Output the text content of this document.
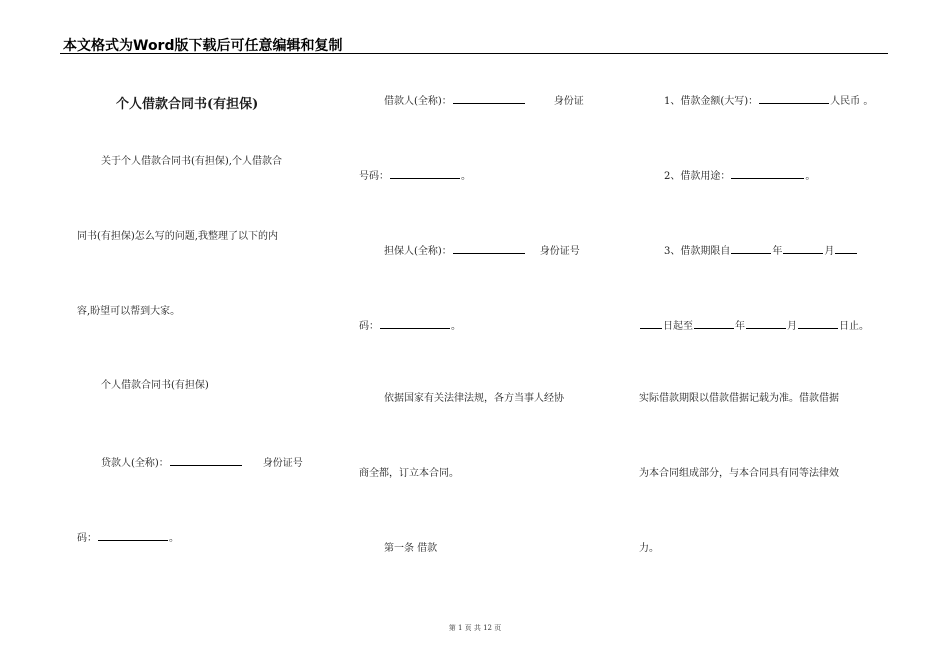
本文格式为Word版下载后可任意编辑和复制
个人借款合同书(有担保)
关于个人借款合同书(有担保),个人借款合
同书(有担保)怎么写的问题,我整理了以下的内
容,盼望可以帮到大家。
个人借款合同书(有担保)
贷款人(全称)：	身份证号
码：	。
借款人(全称)：	身份证
号码：	。
担保人(全称)：	身份证号
码：	。
依据国家有关法律法规，各方当事人经协
商全都，订立本合同。
第一条 借款
1、借款金额(大写)：	人民币 。
2、借款用途：	。
3、借款期限自	年	月
日起至	年	月	日止。
实际借款期限以借款借据记载为准。借款借据
为本合同组成部分，与本合同具有同等法律效
力。
第 1 页 共 12 页
